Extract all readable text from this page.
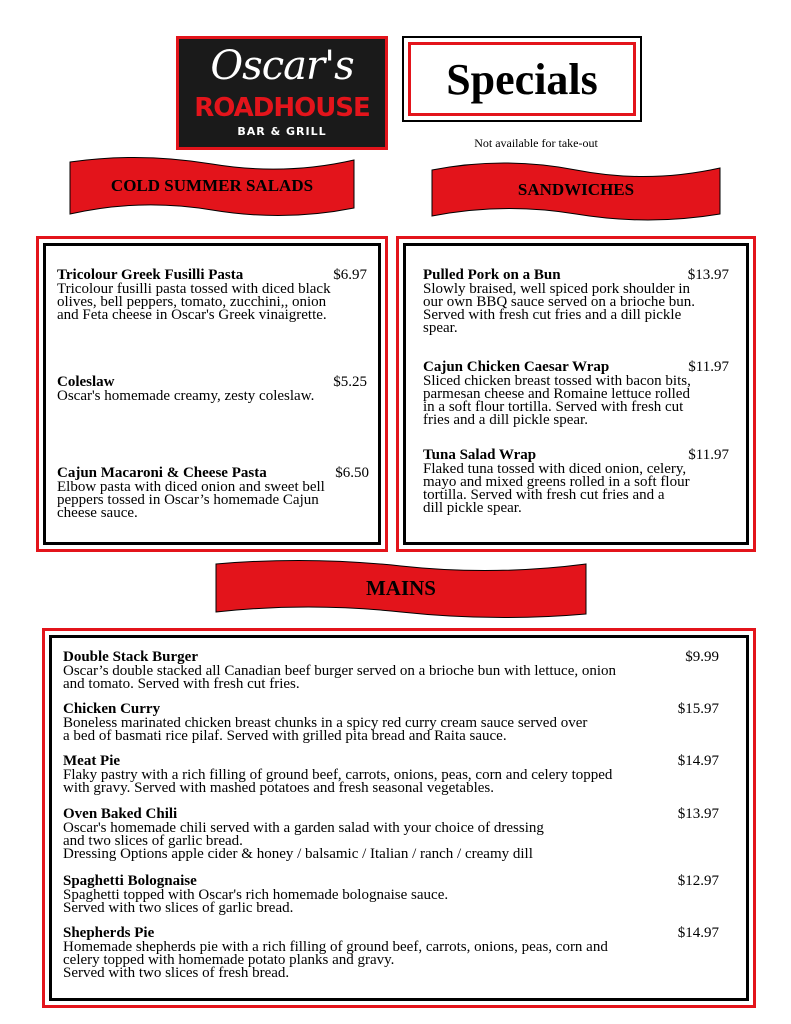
Oscar's
ROADHOUSE
BAR & GRILL
Specials
Not available for take-out
COLD SUMMER SALADS	SANDWICHES
MAINS
Tricolour Greek Fusilli Pasta	$6.97
Tricolour fusilli pasta tossed with diced black
olives, bell peppers, tomato, zucchini,, onion
and Feta cheese in Oscar's Greek vinaigrette.
Coleslaw	$5.25
Oscar's homemade creamy, zesty coleslaw.
Cajun Macaroni & Cheese Pasta	$6.50
Elbow pasta with diced onion and sweet bell
peppers tossed in Oscar’s homemade Cajun
cheese sauce.
Pulled Pork on a Bun	$13.97
Slowly braised, well spiced pork shoulder in
our own BBQ sauce served on a brioche bun.
Served with fresh cut fries and a dill pickle
spear.
Cajun Chicken Caesar Wrap	$11.97
Sliced chicken breast tossed with bacon bits,
parmesan cheese and Romaine lettuce rolled
in a soft flour tortilla. Served with fresh cut
fries and a dill pickle spear.
Tuna Salad Wrap	$11.97
Flaked tuna tossed with diced onion, celery,
mayo and mixed greens rolled in a soft flour
tortilla. Served with fresh cut fries and a
dill pickle spear.
Double Stack Burger	$9.99
Oscar’s double stacked all Canadian beef burger served on a brioche bun with lettuce, onion
and tomato. Served with fresh cut fries.
Chicken Curry	$15.97
Boneless marinated chicken breast chunks in a spicy red curry cream sauce served over
a bed of basmati rice pilaf. Served with grilled pita bread and Raita sauce.
Meat Pie	$14.97
Flaky pastry with a rich filling of ground beef, carrots, onions, peas, corn and celery topped
with gravy. Served with mashed potatoes and fresh seasonal vegetables.
Oven Baked Chili	$13.97
Oscar's homemade chili served with a garden salad with your choice of dressing
and two slices of garlic bread.
Dressing Options apple cider & honey / balsamic / Italian / ranch / creamy dill
Spaghetti Bolognaise	$12.97
Spaghetti topped with Oscar's rich homemade bolognaise sauce.
Served with two slices of garlic bread.
Shepherds Pie	$14.97
Homemade shepherds pie with a rich filling of ground beef, carrots, onions, peas, corn and
celery topped with homemade potato planks and gravy.
Served with two slices of fresh bread.
